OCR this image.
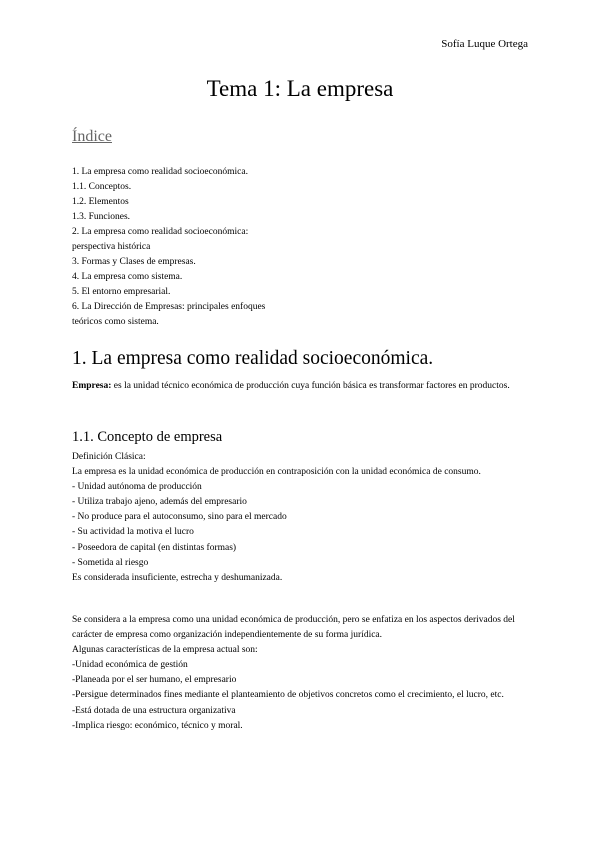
Sofía Luque Ortega
Tema 1: La empresa
Índice
1. La empresa como realidad socioeconómica.
1.1. Conceptos.
1.2. Elementos
1.3. Funciones.
2. La empresa como realidad socioeconómica:
perspectiva histórica
3. Formas y Clases de empresas.
4. La empresa como sistema.
5. El entorno empresarial.
6. La Dirección de Empresas: principales enfoques
teóricos como sistema.
1. La empresa como realidad socioeconómica.
Empresa: es la unidad técnico económica de producción cuya función básica es transformar factores en productos.
1.1. Concepto de empresa
Definición Clásica:
La empresa es la unidad económica de producción en contraposición con la unidad económica de consumo.
- Unidad autónoma de producción
- Utiliza trabajo ajeno, además del empresario
- No produce para el autoconsumo, sino para el mercado
- Su actividad la motiva el lucro
- Poseedora de capital (en distintas formas)
- Sometida al riesgo
Es considerada insuficiente, estrecha y deshumanizada.
Se considera a la empresa como una unidad económica de producción, pero se enfatiza en los aspectos derivados del carácter de empresa como organización independientemente de su forma jurídica.
Algunas características de la empresa actual son:
-Unidad económica de gestión
-Planeada por el ser humano, el empresario
-Persigue determinados fines mediante el planteamiento de objetivos concretos como el crecimiento, el lucro, etc.
-Está dotada de una estructura organizativa
-Implica riesgo: económico, técnico y moral.
